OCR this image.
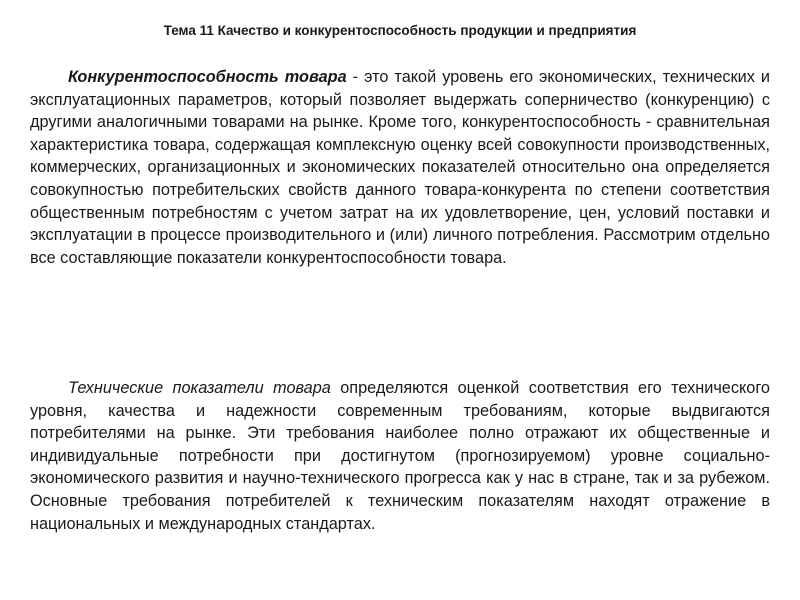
Тема 11 Качество и конкурентоспособность продукции и предприятия

Конкурентоспособность товара - это такой уровень его экономических, технических и эксплуатационных параметров, который позволяет выдержать соперничество (конкуренцию) с другими аналогичными товарами на рынке. Кроме того, конкурентоспособность - сравнительная характеристика товара, содержащая комплексную оценку всей совокупности производственных, коммерческих, организационных и экономических показателей относительно она определяется совокупностью потребительских свойств данного товара-конкурента по степени соответствия общественным потребностям с учетом затрат на их удовлетворение, цен, условий поставки и эксплуатации в процессе производительного и (или) личного потребления. Рассмотрим отдельно все составляющие показатели конкурентоспособности товара.

Технические показатели товара определяются оценкой соответствия его технического уровня, качества и надежности современным требованиям, которые выдвигаются потребителями на рынке. Эти требования наиболее полно отражают их общественные и индивидуальные потребности при достигнутом (прогнозируемом) уровне социально-экономического развития и научно-технического прогресса как у нас в стране, так и за рубежом. Основные требования потребителей к техническим показателям находят отражение в национальных и международных стандартах.
